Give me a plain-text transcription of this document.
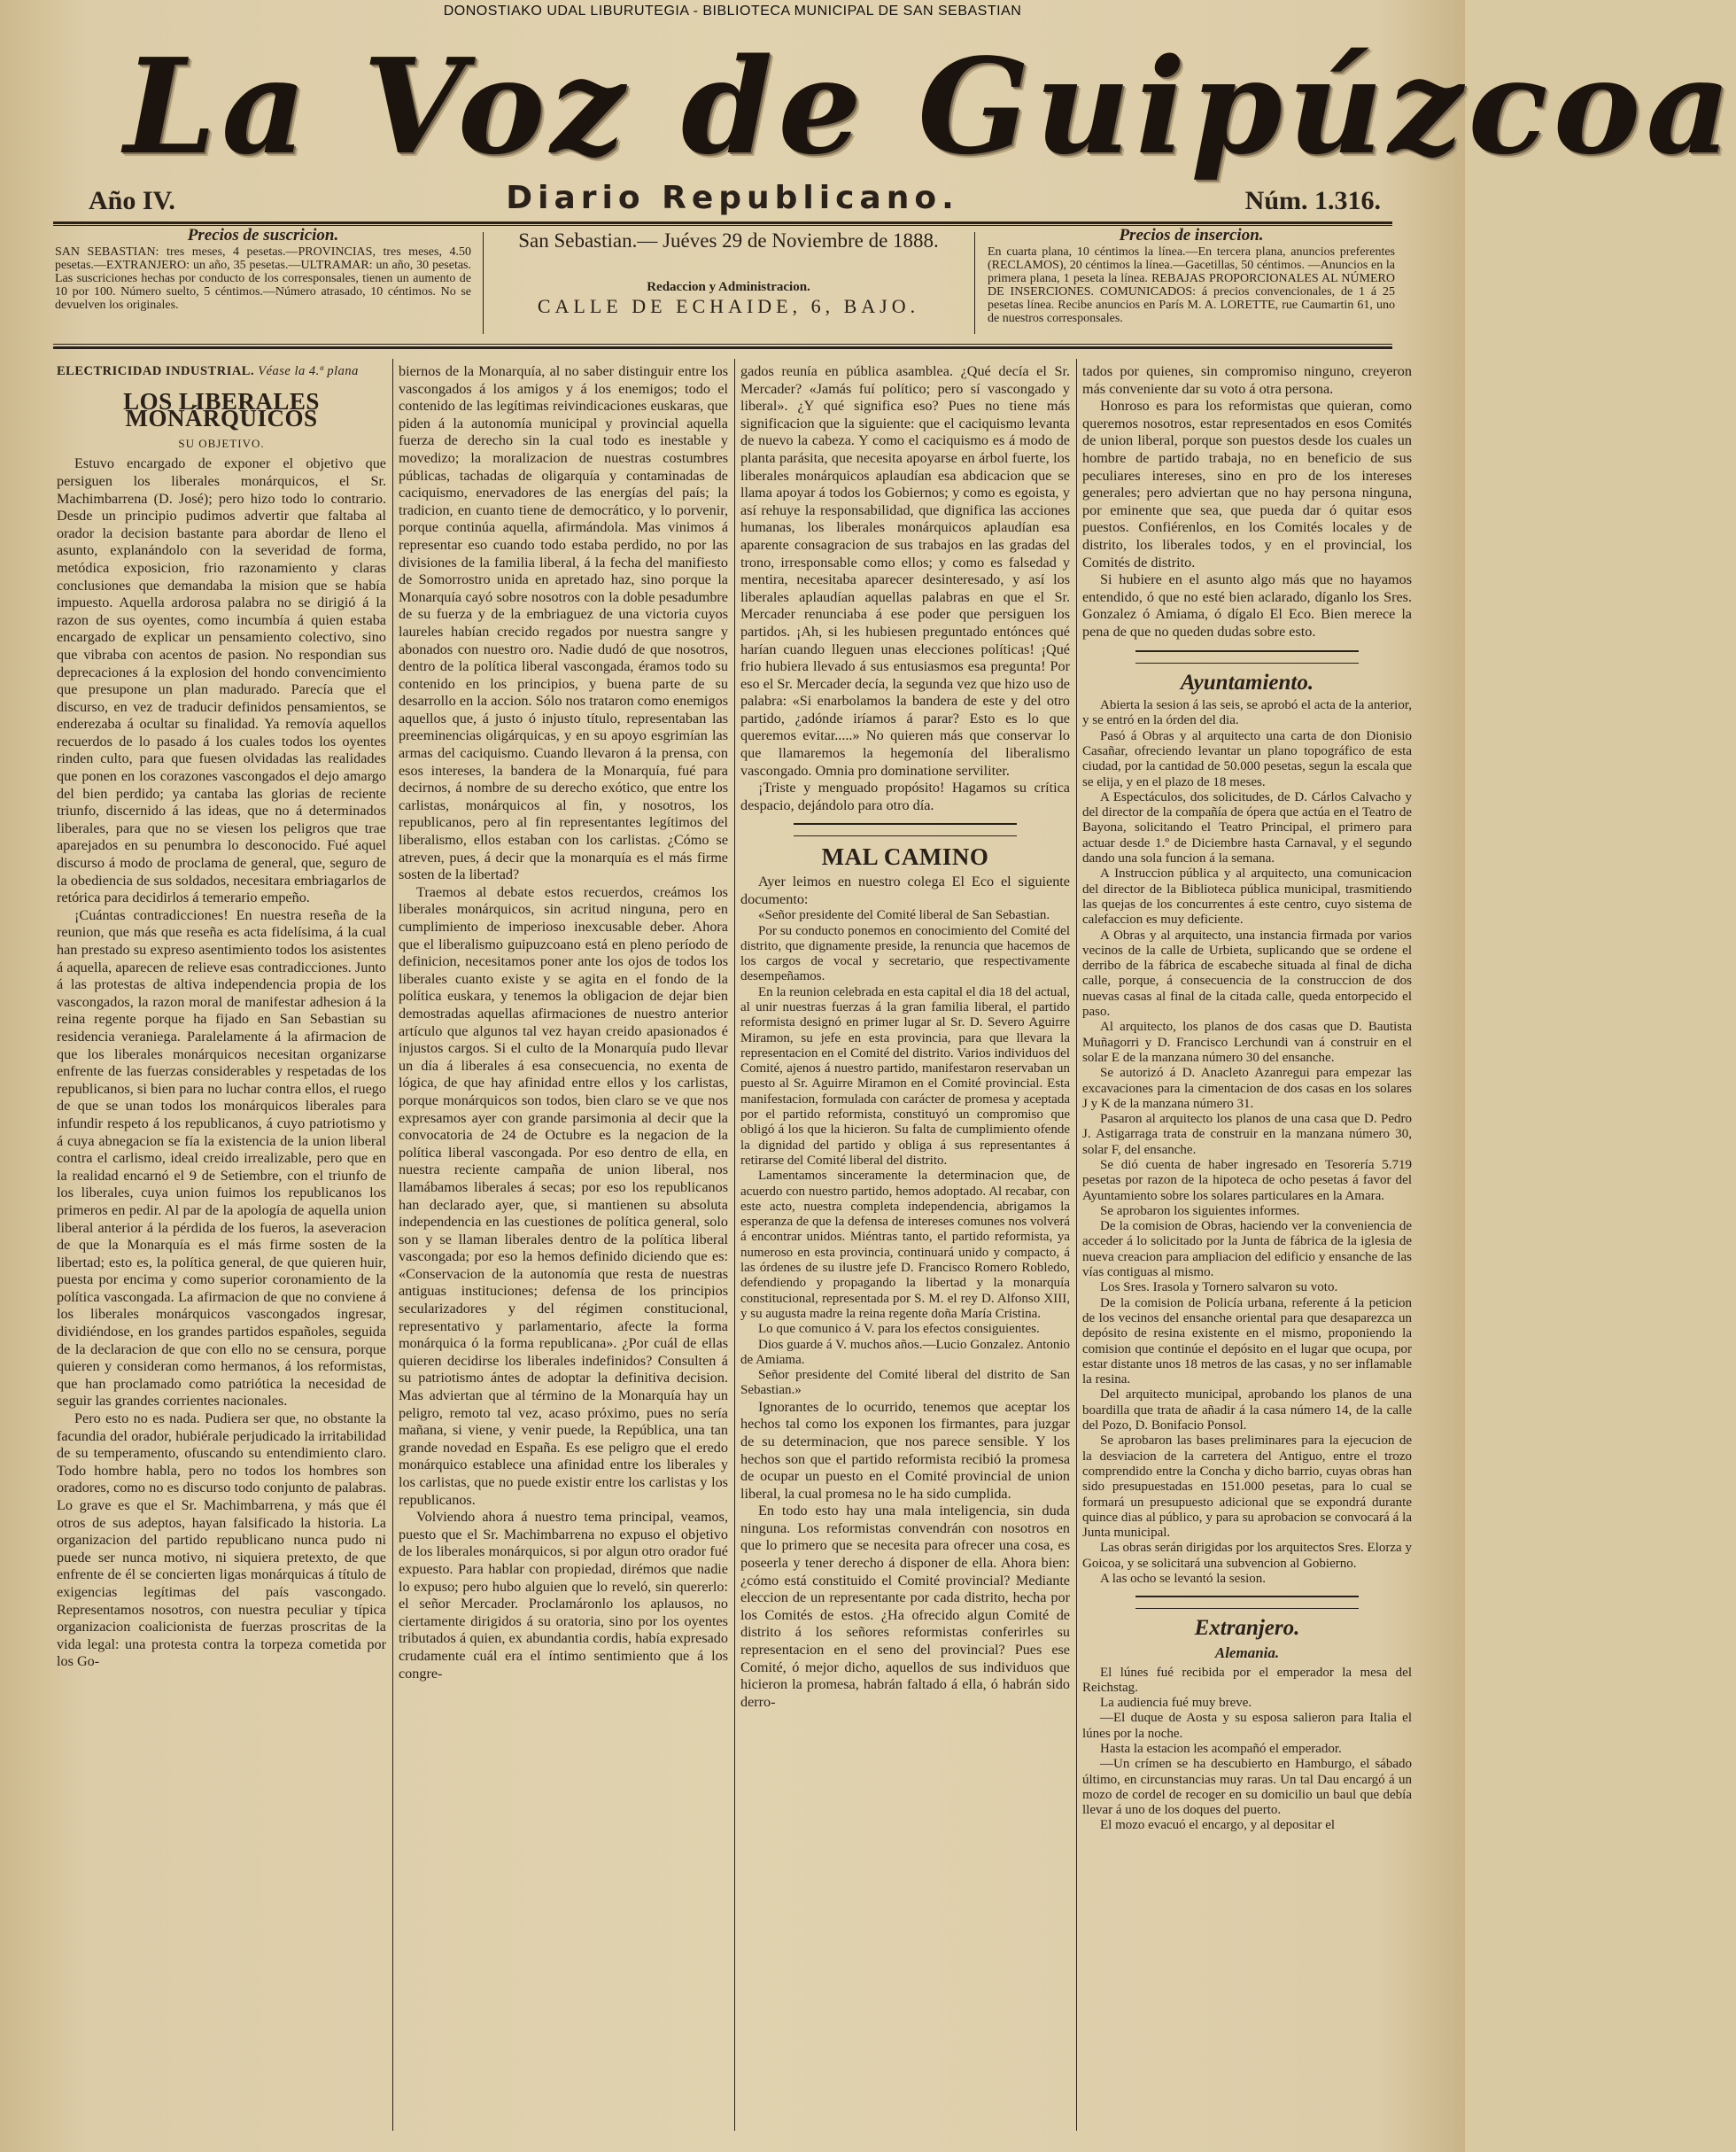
DONOSTIAKO UDAL LIBURUTEGIA - BIBLIOTECA MUNICIPAL DE SAN SEBASTIAN
La Voz de Guipúzcoa
Año IV.	Diario Republicano.	Núm. 1.316.
Precios de suscricion.

SAN SEBASTIAN: tres meses, 4 pesetas.—PROVINCIAS, tres meses, 4.50 pesetas.—EXTRANJERO: un año, 35 pesetas.—ULTRAMAR: un año, 30 pesetas. Las suscriciones hechas por conducto de los corresponsales, tienen un aumento de 10 por 100. Número suelto, 5 céntimos.—Número atrasado, 10 céntimos. No se devuelven los originales.

San Sebastian.— Juéves 29 de Noviembre de 1888.
Redaccion y Administracion.
CALLE DE ECHAIDE, 6, BAJO.
Precios de insercion.

En cuarta plana, 10 céntimos la línea.—En tercera plana, anuncios preferentes (RECLAMOS), 20 céntimos la línea.—Gacetillas, 50 céntimos. —Anuncios en la primera plana, 1 peseta la línea. REBAJAS PROPORCIONALES AL NÚMERO DE INSERCIONES. COMUNICADOS: á precios convencionales, de 1 á 25 pesetas línea. Recibe anuncios en París M. A. LORETTE, rue Caumartin 61, uno de nuestros corresponsales.

ELECTRICIDAD INDUSTRIAL. Véase la 4.ª plana
LOS LIBERALES MONÁRQUICOS
SU OBJETIVO.

Estuvo encargado de exponer el objetivo que persiguen los liberales monárquicos, el Sr. Machimbarrena (D. José); pero hizo todo lo contrario. Desde un principio pudimos advertir que faltaba al orador la decision bastante para abordar de lleno el asunto, explanándolo con la severidad de forma, metódica exposicion, frio razonamiento y claras conclusiones que demandaba la mision que se había impuesto. Aquella ardorosa palabra no se dirigió á la razon de sus oyentes, como incumbía á quien estaba encargado de explicar un pensamiento colectivo, sino que vibraba con acentos de pasion. No respondian sus deprecaciones á la explosion del hondo convencimiento que presupone un plan madurado. Parecía que el discurso, en vez de traducir definidos pensamientos, se enderezaba á ocultar su finalidad. Ya removía aquellos recuerdos de lo pasado á los cuales todos los oyentes rinden culto, para que fuesen olvidadas las realidades que ponen en los corazones vascongados el dejo amargo del bien perdido; ya cantaba las glorias de reciente triunfo, discernido á las ideas, que no á determinados liberales, para que no se viesen los peligros que trae aparejados en su penumbra lo desconocido. Fué aquel discurso á modo de proclama de general, que, seguro de la obediencia de sus soldados, necesitara embriagarlos de retórica para decidirlos á temerario empeño.

¡Cuántas contradicciones! En nuestra reseña de la reunion, que más que reseña es acta fidelísima, á la cual han prestado su expreso asentimiento todos los asistentes á aquella, aparecen de relieve esas contradicciones. Junto á las protestas de altiva independencia propia de los vascongados, la razon moral de manifestar adhesion á la reina regente porque ha fijado en San Sebastian su residencia veraniega. Paralelamente á la afirmacion de que los liberales monárquicos necesitan organizarse enfrente de las fuerzas considerables y respetadas de los republicanos, si bien para no luchar contra ellos, el ruego de que se unan todos los monárquicos liberales para infundir respeto á los republicanos, á cuyo patriotismo y á cuya abnegacion se fía la existencia de la union liberal contra el carlismo, ideal creido irrealizable, pero que en la realidad encarnó el 9 de Setiembre, con el triunfo de los liberales, cuya union fuimos los republicanos los primeros en pedir. Al par de la apología de aquella union liberal anterior á la pérdida de los fueros, la aseveracion de que la Monarquía es el más firme sosten de la libertad; esto es, la política general, de que quieren huir, puesta por encima y como superior coronamiento de la política vascongada. La afirmacion de que no conviene á los liberales monárquicos vascongados ingresar, dividiéndose, en los grandes partidos españoles, seguida de la declaracion de que con ello no se censura, porque quieren y consideran como hermanos, á los reformistas, que han proclamado como patriótica la necesidad de seguir las grandes corrientes nacionales.

Pero esto no es nada. Pudiera ser que, no obstante la facundia del orador, hubiérale perjudicado la irritabilidad de su temperamento, ofuscando su entendimiento claro. Todo hombre habla, pero no todos los hombres son oradores, como no es discurso todo conjunto de palabras. Lo grave es que el Sr. Machimbarrena, y más que él otros de sus adeptos, hayan falsificado la historia. La organizacion del partido republicano nunca pudo ni puede ser nunca motivo, ni siquiera pretexto, de que enfrente de él se concierten ligas monárquicas á título de exigencias legítimas del país vascongado. Representamos nosotros, con nuestra peculiar y típica organizacion coalicionista de fuerzas proscritas de la vida legal: una protesta contra la torpeza cometida por los Go-

biernos de la Monarquía, al no saber distinguir entre los vascongados á los amigos y á los enemigos; todo el contenido de las legítimas reivindicaciones euskaras, que piden á la autonomía municipal y provincial aquella fuerza de derecho sin la cual todo es inestable y movedizo; la moralizacion de nuestras costumbres públicas, tachadas de oligarquía y contaminadas de caciquismo, enervadores de las energías del país; la tradicion, en cuanto tiene de democrático, y lo porvenir, porque continúa aquella, afirmándola. Mas vinimos á representar eso cuando todo estaba perdido, no por las divisiones de la familia liberal, á la fecha del manifiesto de Somorrostro unida en apretado haz, sino porque la Monarquía cayó sobre nosotros con la doble pesadumbre de su fuerza y de la embriaguez de una victoria cuyos laureles habían crecido regados por nuestra sangre y abonados con nuestro oro. Nadie dudó de que nosotros, dentro de la política liberal vascongada, éramos todo su contenido en los principios, y buena parte de su desarrollo en la accion. Sólo nos trataron como enemigos aquellos que, á justo ó injusto título, representaban las preeminencias oligárquicas, y en su apoyo esgrimían las armas del caciquismo. Cuando llevaron á la prensa, con esos intereses, la bandera de la Monarquía, fué para decirnos, á nombre de su derecho exótico, que entre los carlistas, monárquicos al fin, y nosotros, los republicanos, pero al fin representantes legítimos del liberalismo, ellos estaban con los carlistas. ¿Cómo se atreven, pues, á decir que la monarquía es el más firme sosten de la libertad?

Traemos al debate estos recuerdos, creámos los liberales monárquicos, sin acritud ninguna, pero en cumplimiento de imperioso inexcusable deber. Ahora que el liberalismo guipuzcoano está en pleno período de definicion, necesitamos poner ante los ojos de todos los liberales cuanto existe y se agita en el fondo de la política euskara, y tenemos la obligacion de dejar bien demostradas aquellas afirmaciones de nuestro anterior artículo que algunos tal vez hayan creido apasionados é injustos cargos. Si el culto de la Monarquía pudo llevar un día á liberales á esa consecuencia, no exenta de lógica, de que hay afinidad entre ellos y los carlistas, porque monárquicos son todos, bien claro se ve que nos expresamos ayer con grande parsimonia al decir que la convocatoria de 24 de Octubre es la negacion de la política liberal vascongada. Por eso dentro de ella, en nuestra reciente campaña de union liberal, nos llamábamos liberales á secas; por eso los republicanos han declarado ayer, que, si mantienen su absoluta independencia en las cuestiones de política general, solo son y se llaman liberales dentro de la política liberal vascongada; por eso la hemos definido diciendo que es: «Conservacion de la autonomía que resta de nuestras antiguas instituciones; defensa de los principios secularizadores y del régimen constitucional, representativo y parlamentario, afecte la forma monárquica ó la forma republicana». ¿Por cuál de ellas quieren decidirse los liberales indefinidos? Consulten á su patriotismo ántes de adoptar la definitiva decision. Mas adviertan que al término de la Monarquía hay un peligro, remoto tal vez, acaso próximo, pues no sería mañana, si viene, y venir puede, la República, una tan grande novedad en España. Es ese peligro que el eredo monárquico establece una afinidad entre los liberales y los carlistas, que no puede existir entre los carlistas y los republicanos.

Volviendo ahora á nuestro tema principal, veamos, puesto que el Sr. Machimbarrena no expuso el objetivo de los liberales monárquicos, si por algun otro orador fué expuesto. Para hablar con propiedad, dirémos que nadie lo expuso; pero hubo alguien que lo reveló, sin quererlo: el señor Mercader. Proclamáronlo los aplausos, no ciertamente dirigidos á su oratoria, sino por los oyentes tributados á quien, ex abundantia cordis, había expresado crudamente cuál era el íntimo sentimiento que á los congre-

gados reunía en pública asamblea. ¿Qué decía el Sr. Mercader? «Jamás fuí político; pero sí vascongado y liberal». ¿Y qué significa eso? Pues no tiene más significacion que la siguiente: que el caciquismo levanta de nuevo la cabeza. Y como el caciquismo es á modo de planta parásita, que necesita apoyarse en árbol fuerte, los liberales monárquicos aplaudían esa abdicacion que se llama apoyar á todos los Gobiernos; y como es egoista, y así rehuye la responsabilidad, que dignifica las acciones humanas, los liberales monárquicos aplaudían esa aparente consagracion de sus trabajos en las gradas del trono, irresponsable como ellos; y como es falsedad y mentira, necesitaba aparecer desinteresado, y así los liberales aplaudían aquellas palabras en que el Sr. Mercader renunciaba á ese poder que persiguen los partidos. ¡Ah, si les hubiesen preguntado entónces qué harían cuando lleguen unas elecciones políticas! ¡Qué frio hubiera llevado á sus entusiasmos esa pregunta! Por eso el Sr. Mercader decía, la segunda vez que hizo uso de palabra: «Si enarbolamos la bandera de este y del otro partido, ¿adónde iríamos á parar? Esto es lo que queremos evitar.....» No quieren más que conservar lo que llamaremos la hegemonía del liberalismo vascongado. Omnia pro dominatione serviliter.

¡Triste y menguado propósito! Hagamos su crítica despacio, dejándolo para otro día.

MAL CAMINO

Ayer leimos en nuestro colega El Eco el siguiente documento:

«Señor presidente del Comité liberal de San Sebastian.

Por su conducto ponemos en conocimiento del Comité del distrito, que dignamente preside, la renuncia que hacemos de los cargos de vocal y secretario, que respectivamente desempeñamos.

En la reunion celebrada en esta capital el dia 18 del actual, al unir nuestras fuerzas á la gran familia liberal, el partido reformista designó en primer lugar al Sr. D. Severo Aguirre Miramon, su jefe en esta provincia, para que llevara la representacion en el Comité del distrito. Varios individuos del Comité, ajenos á nuestro partido, manifestaron reservaban un puesto al Sr. Aguirre Miramon en el Comité provincial. Esta manifestacion, formulada con carácter de promesa y aceptada por el partido reformista, constituyó un compromiso que obligó á los que la hicieron. Su falta de cumplimiento ofende la dignidad del partido y obliga á sus representantes á retirarse del Comité liberal del distrito.

Lamentamos sinceramente la determinacion que, de acuerdo con nuestro partido, hemos adoptado. Al recabar, con este acto, nuestra completa independencia, abrigamos la esperanza de que la defensa de intereses comunes nos volverá á encontrar unidos. Miéntras tanto, el partido reformista, ya numeroso en esta provincia, continuará unido y compacto, á las órdenes de su ilustre jefe D. Francisco Romero Robledo, defendiendo y propagando la libertad y la monarquía constitucional, representada por S. M. el rey D. Alfonso XIII, y su augusta madre la reina regente doña María Cristina.

Lo que comunico á V. para los efectos consiguientes.

Dios guarde á V. muchos años.—Lucio Gonzalez. Antonio de Amiama.

Señor presidente del Comité liberal del distrito de San Sebastian.»

Ignorantes de lo ocurrido, tenemos que aceptar los hechos tal como los exponen los firmantes, para juzgar de su determinacion, que nos parece sensible. Y los hechos son que el partido reformista recibió la promesa de ocupar un puesto en el Comité provincial de union liberal, la cual promesa no le ha sido cumplida.

En todo esto hay una mala inteligencia, sin duda ninguna. Los reformistas convendrán con nosotros en que lo primero que se necesita para ofrecer una cosa, es poseerla y tener derecho á disponer de ella. Ahora bien: ¿cómo está constituido el Comité provincial? Mediante eleccion de un representante por cada distrito, hecha por los Comités de estos. ¿Ha ofrecido algun Comité de distrito á los señores reformistas conferirles su representacion en el seno del provincial? Pues ese Comité, ó mejor dicho, aquellos de sus individuos que hicieron la promesa, habrán faltado á ella, ó habrán sido derro-

tados por quienes, sin compromiso ninguno, creyeron más conveniente dar su voto á otra persona.

Honroso es para los reformistas que quieran, como queremos nosotros, estar representados en esos Comités de union liberal, porque son puestos desde los cuales un hombre de partido trabaja, no en beneficio de sus peculiares intereses, sino en pro de los intereses generales; pero adviertan que no hay persona ninguna, por eminente que sea, que pueda dar ó quitar esos puestos. Confiérenlos, en los Comités locales y de distrito, los liberales todos, y en el provincial, los Comités de distrito.

Si hubiere en el asunto algo más que no hayamos entendido, ó que no esté bien aclarado, díganlo los Sres. Gonzalez ó Amiama, ó dígalo El Eco. Bien merece la pena de que no queden dudas sobre esto.

Ayuntamiento.

Abierta la sesion á las seis, se aprobó el acta de la anterior, y se entró en la órden del dia.

Pasó á Obras y al arquitecto una carta de don Dionisio Casañar, ofreciendo levantar un plano topográfico de esta ciudad, por la cantidad de 50.000 pesetas, segun la escala que se elija, y en el plazo de 18 meses.

A Espectáculos, dos solicitudes, de D. Cárlos Calvacho y del director de la compañía de ópera que actúa en el Teatro de Bayona, solicitando el Teatro Principal, el primero para actuar desde 1.º de Diciembre hasta Carnaval, y el segundo dando una sola funcion á la semana.

A Instruccion pública y al arquitecto, una comunicacion del director de la Biblioteca pública municipal, trasmitiendo las quejas de los concurrentes á este centro, cuyo sistema de calefaccion es muy deficiente.

A Obras y al arquitecto, una instancia firmada por varios vecinos de la calle de Urbieta, suplicando que se ordene el derribo de la fábrica de escabeche situada al final de dicha calle, porque, á consecuencia de la construccion de dos nuevas casas al final de la citada calle, queda entorpecido el paso.

Al arquitecto, los planos de dos casas que D. Bautista Muñagorri y D. Francisco Lerchundi van á construir en el solar E de la manzana número 30 del ensanche.

Se autorizó á D. Anacleto Azanregui para empezar las excavaciones para la cimentacion de dos casas en los solares J y K de la manzana número 31.

Pasaron al arquitecto los planos de una casa que D. Pedro J. Astigarraga trata de construir en la manzana número 30, solar F, del ensanche.

Se dió cuenta de haber ingresado en Tesorería 5.719 pesetas por razon de la hipoteca de ocho pesetas á favor del Ayuntamiento sobre los solares particulares en la Amara.

Se aprobaron los siguientes informes.

De la comision de Obras, haciendo ver la conveniencia de acceder á lo solicitado por la Junta de fábrica de la iglesia de nueva creacion para ampliacion del edificio y ensanche de las vías contiguas al mismo.

Los Sres. Irasola y Tornero salvaron su voto.

De la comision de Policía urbana, referente á la peticion de los vecinos del ensanche oriental para que desaparezca un depósito de resina existente en el mismo, proponiendo la comision que continúe el depósito en el lugar que ocupa, por estar distante unos 18 metros de las casas, y no ser inflamable la resina.

Del arquitecto municipal, aprobando los planos de una boardilla que trata de añadir á la casa número 14, de la calle del Pozo, D. Bonifacio Ponsol.

Se aprobaron las bases preliminares para la ejecucion de la desviacion de la carretera del Antiguo, entre el trozo comprendido entre la Concha y dicho barrio, cuyas obras han sido presupuestadas en 151.000 pesetas, para lo cual se formará un presupuesto adicional que se expondrá durante quince dias al público, y para su aprobacion se convocará á la Junta municipal.

Las obras serán dirigidas por los arquitectos Sres. Elorza y Goicoa, y se solicitará una subvencion al Gobierno.

A las ocho se levantó la sesion.

Extranjero.
Alemania.

El lúnes fué recibida por el emperador la mesa del Reichstag.

La audiencia fué muy breve.

—El duque de Aosta y su esposa salieron para Italia el lúnes por la noche.

Hasta la estacion les acompañó el emperador.

—Un crímen se ha descubierto en Hamburgo, el sábado último, en circunstancias muy raras. Un tal Dau encargó á un mozo de cordel de recoger en su domicilio un baul que debía llevar á uno de los doques del puerto.

El mozo evacuó el encargo, y al depositar el
